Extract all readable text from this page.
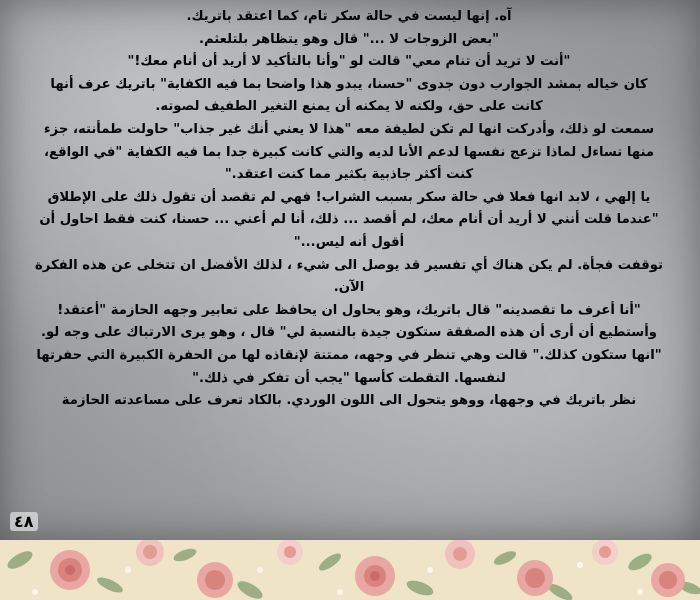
آه. إنها ليست في حالة سكر تام، كما اعتقد باتريك.

"بعض الزوجات لا ..." قال وهو يتظاهر بلتلعثم.

"أنت لا تريد أن تنام معي" قالت لو "وأنا بالتأكيد لا أريد أن أنام معك!"

كان خياله بمشد الجوارب دون جدوى "حسنا، يبدو هذا واضحا بما فيه الكفاية" باتريك عرف أنها

كانت على حق، ولكنه لا يمكنه أن يمنع التغير الطفيف لصوته.

سمعت لو ذلك، وأدركت انها لم تكن لطيفة معه "هذا لا يعني أنك غير جذاب" حاولت طمأنته، جزء

منها تساءل لماذا تزعج نفسها لدعم الأنا لديه والتي كانت كبيرة جدا بما فيه الكفاية "في الواقع،

كنت أكثر جاذبية بكثير مما كنت اعتقد."

يا إلهي ، لابد انها فعلا في حالة سكر بسبب الشراب! فهي لم تقصد أن تقول ذلك على الإطلاق

"عندما قلت أنني لا أريد أن أنام معك، لم أقصد ... ذلك، أنا لم أعني ... حسنا، كنت فقط احاول أن

أقول أنه ليس..."

توقفت فجأة. لم يكن هناك أي تفسير قد يوصل الى شيء ، لذلك الأفضل ان تتخلى عن هذه الفكرة

الآن.

"أنا أعرف ما تقصدينه" قال باتريك، وهو يحاول ان يحافظ على تعابير وجهه الحازمة "أعتقد!

وأستطيع أن أرى أن هذه الصفقة ستكون جيدة بالنسبة لي" قال ، وهو يرى الارتباك على وجه لو.

"انها ستكون كذلك." قالت وهي تنظر في وجهه، ممتنة لإنقاذه لها من الحفرة الكبيرة التي حفرتها

لنفسها. التقطت كأسها "يجب أن تفكر في ذلك."

نظر باتريك في وجهها، ووهو يتحول الى اللون الوردي. بالكاد تعرف على مساعدته الحازمة

٤٨
